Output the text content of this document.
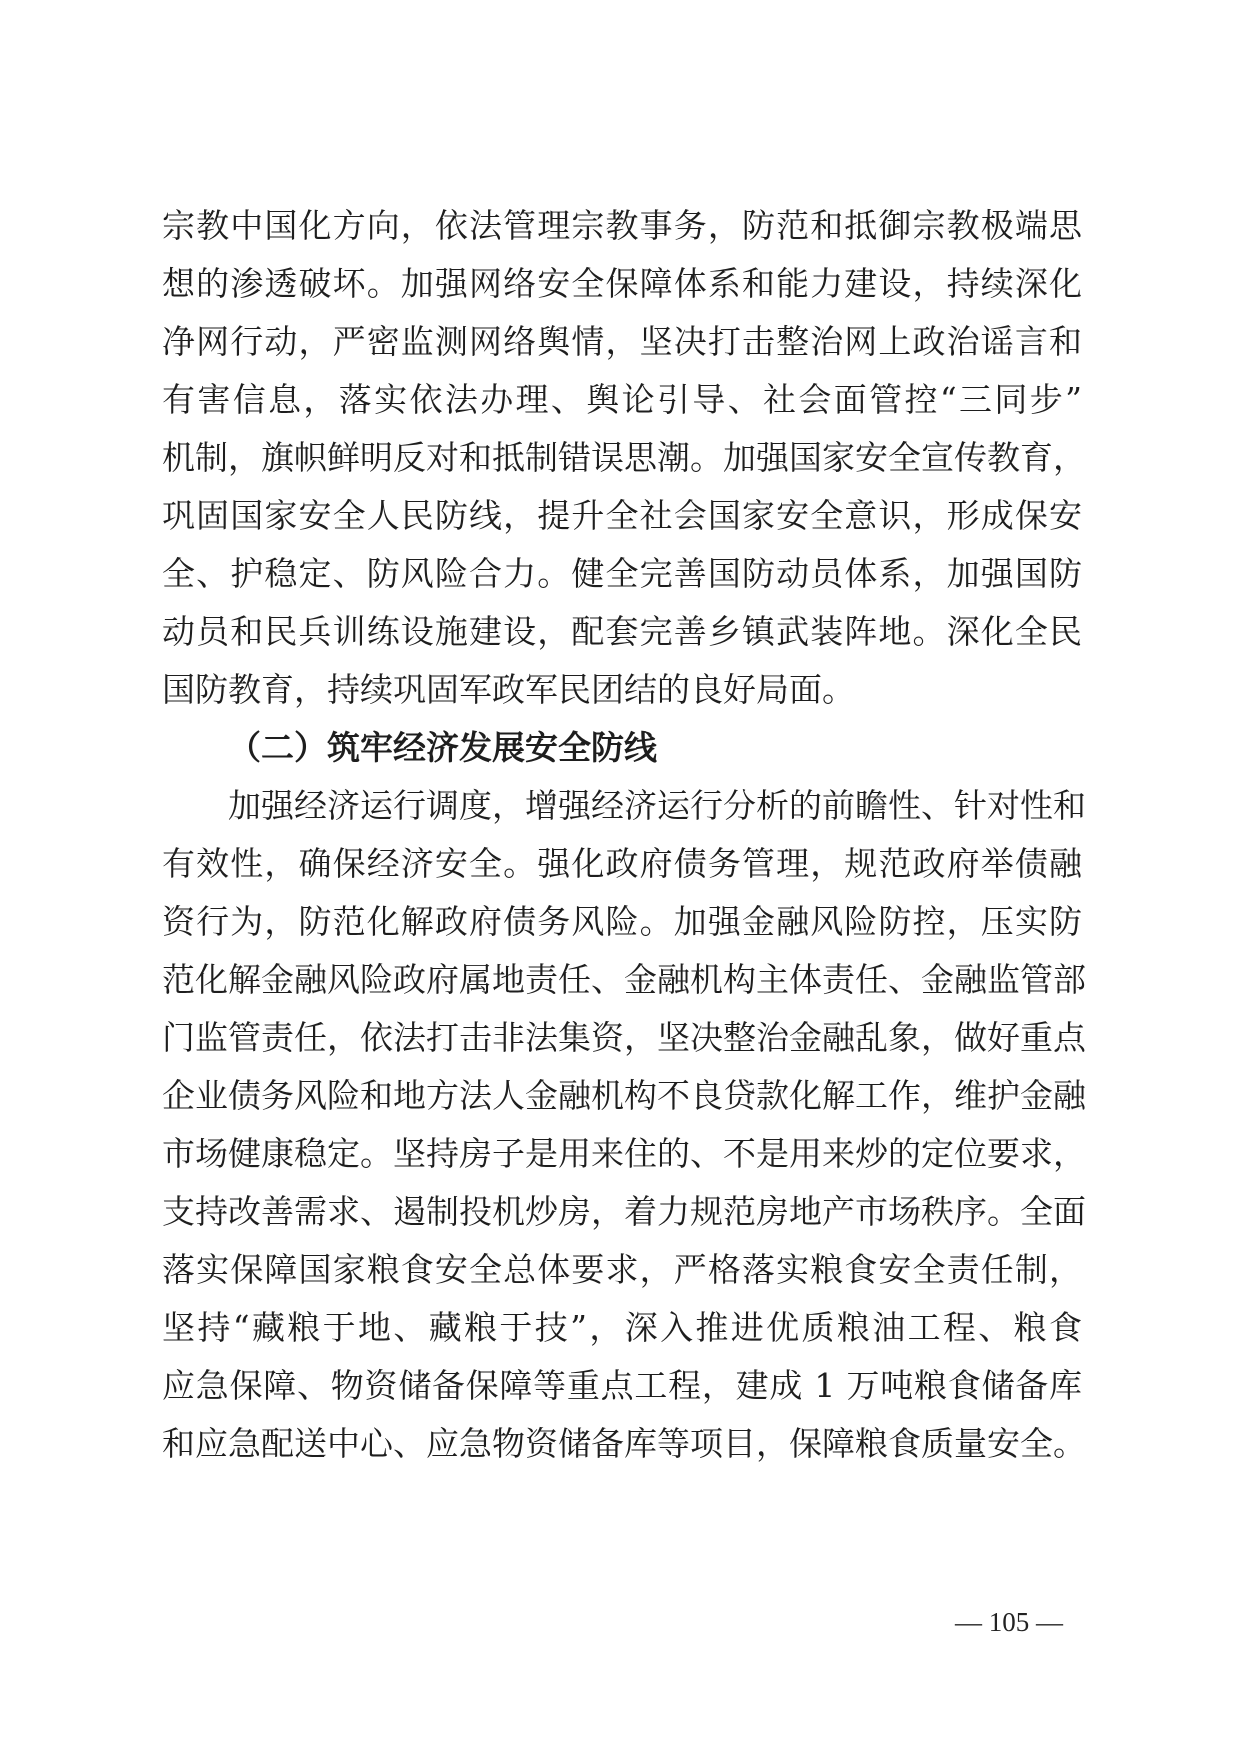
宗教中国化方向，依法管理宗教事务，防范和抵御宗教极端思
想的渗透破坏。加强网络安全保障体系和能力建设，持续深化
净网行动，严密监测网络舆情，坚决打击整治网上政治谣言和
有害信息，落实依法办理、舆论引导、社会面管控“三同步”
机制，旗帜鲜明反对和抵制错误思潮。加强国家安全宣传教育，
巩固国家安全人民防线，提升全社会国家安全意识，形成保安
全、护稳定、防风险合力。健全完善国防动员体系，加强国防
动员和民兵训练设施建设，配套完善乡镇武装阵地。深化全民
国防教育，持续巩固军政军民团结的良好局面。
（二）筑牢经济发展安全防线
加强经济运行调度，增强经济运行分析的前瞻性、针对性和
有效性，确保经济安全。强化政府债务管理，规范政府举债融
资行为，防范化解政府债务风险。加强金融风险防控，压实防
范化解金融风险政府属地责任、金融机构主体责任、金融监管部
门监管责任，依法打击非法集资，坚决整治金融乱象，做好重点
企业债务风险和地方法人金融机构不良贷款化解工作，维护金融
市场健康稳定。坚持房子是用来住的、不是用来炒的定位要求，
支持改善需求、遏制投机炒房，着力规范房地产市场秩序。全面
落实保障国家粮食安全总体要求，严格落实粮食安全责任制，
坚持“藏粮于地、藏粮于技”，深入推进优质粮油工程、粮食
应急保障、物资储备保障等重点工程，建成 1 万吨粮食储备库
和应急配送中心、应急物资储备库等项目，保障粮食质量安全。
— 105 —
